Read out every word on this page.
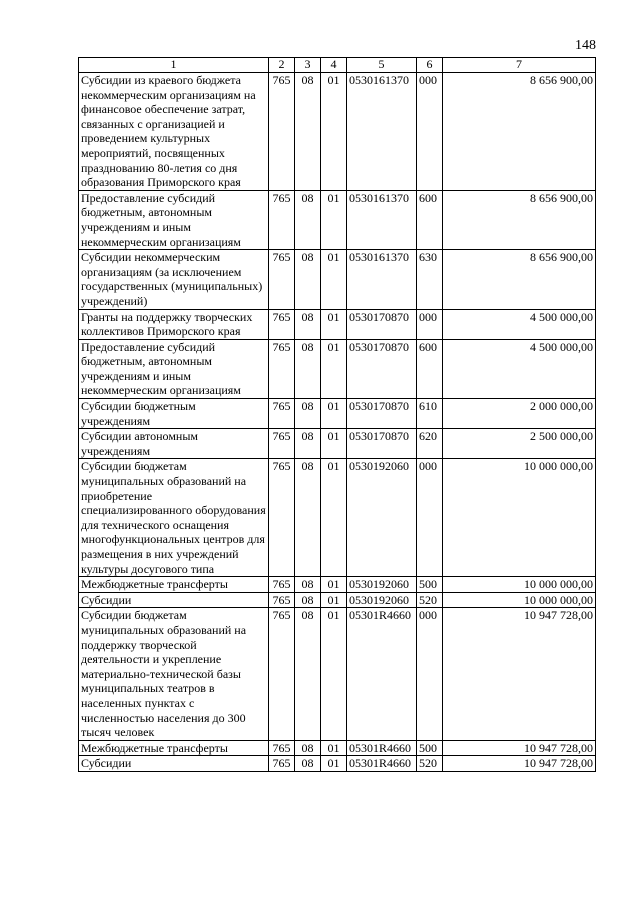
148
1	2	3	4	5	6	7
Субсидии из краевого бюджета некоммерческим организациям на финансовое обеспечение затрат, связанных с организацией и проведением культурных мероприятий, посвященных празднованию 80-летия со дня образования Приморского края	765	08	01	0530161370	000	8 656 900,00
Предоставление субсидий бюджетным, автономным учреждениям и иным некоммерческим организациям	765	08	01	0530161370	600	8 656 900,00
Субсидии некоммерческим организациям (за исключением государственных (муниципальных) учреждений)	765	08	01	0530161370	630	8 656 900,00
Гранты на поддержку творческих коллективов Приморского края	765	08	01	0530170870	000	4 500 000,00
Предоставление субсидий бюджетным, автономным учреждениям и иным некоммерческим организациям	765	08	01	0530170870	600	4 500 000,00
Субсидии бюджетным учреждениям	765	08	01	0530170870	610	2 000 000,00
Субсидии автономным учреждениям	765	08	01	0530170870	620	2 500 000,00
Субсидии бюджетам муниципальных образований на приобретение специализированного оборудования для технического оснащения многофункциональных центров для размещения в них учреждений культуры досугового типа	765	08	01	0530192060	000	10 000 000,00
Межбюджетные трансферты	765	08	01	0530192060	500	10 000 000,00
Субсидии	765	08	01	0530192060	520	10 000 000,00
Субсидии бюджетам муниципальных образований на поддержку творческой деятельности и укрепление материально-технической базы муниципальных театров в населенных пунктах с численностью населения до 300 тысяч человек	765	08	01	05301R4660	000	10 947 728,00
Межбюджетные трансферты	765	08	01	05301R4660	500	10 947 728,00
Субсидии	765	08	01	05301R4660	520	10 947 728,00
